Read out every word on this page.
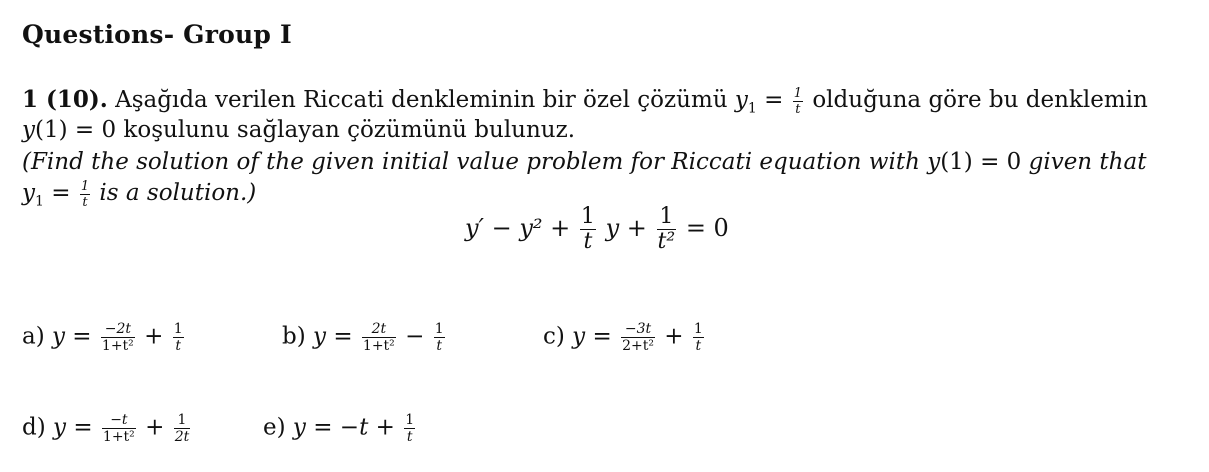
Questions- Group I
1 (10). Aşağıda verilen Riccati denkleminin bir özel çözümü $y_1 = \frac{1}{t}$ olduğuna göre bu denklemin
y(1) = 0 koşulunu sağlayan çözümünü bulunuz.
(Find the solution of the given initial value problem for Riccati equation with y(1) = 0 given that
$y_1 = \frac{1}{t}$ is a solution.)
$y' - y^2 + \frac{1}{t}$ $y + \frac{1}{\text{t²}} = 0$
a) $y = \frac{-2t}{\text{1+t²}} + \frac{1}{t}$	b) $y = \frac{2t}{\text{1+t²}} - \frac{1}{t}$	c) $y = \frac{-3t}{\text{2+t²}} + \frac{1}{t}$
d) $y = \frac{-t}{\text{1+t²}} + \frac{1}{2t}$	e) $y = -t + \frac{1}{t}$
